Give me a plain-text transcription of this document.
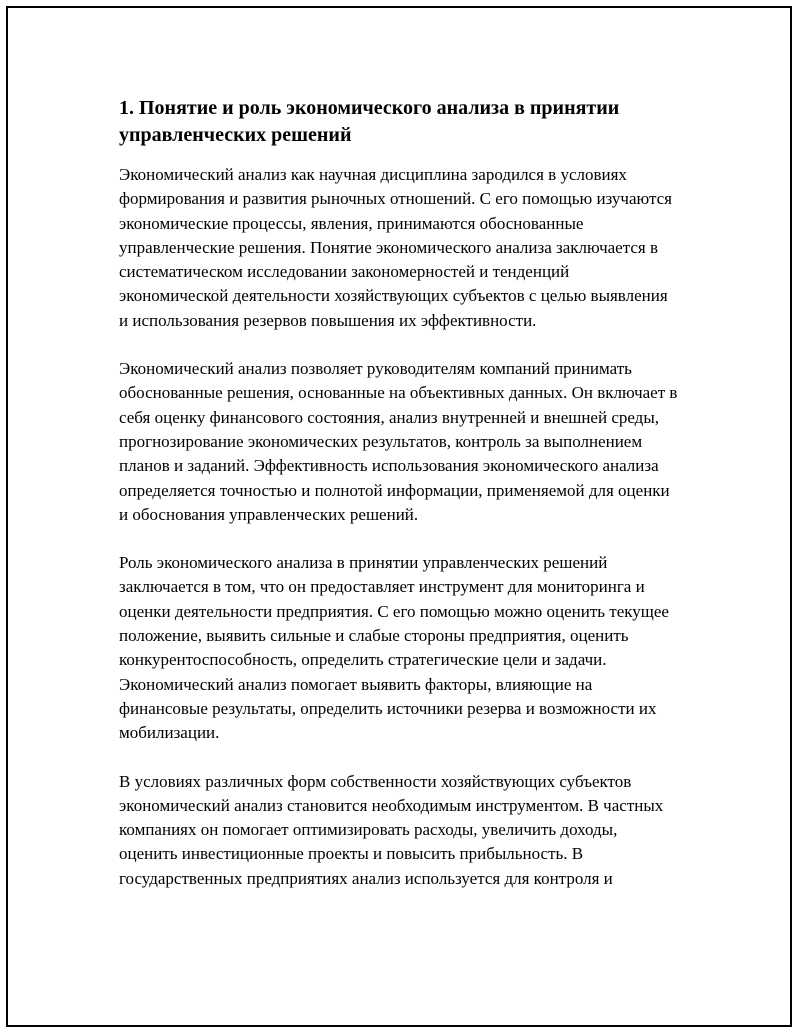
1. Понятие и роль экономического анализа в принятии управленческих решений

Экономический анализ как научная дисциплина зародился в условиях формирования и развития рыночных отношений. С его помощью изучаются экономические процессы, явления, принимаются обоснованные управленческие решения. Понятие экономического анализа заключается в систематическом исследовании закономерностей и тенденций экономической деятельности хозяйствующих субъектов с целью выявления и использования резервов повышения их эффективности.

Экономический анализ позволяет руководителям компаний принимать обоснованные решения, основанные на объективных данных. Он включает в себя оценку финансового состояния, анализ внутренней и внешней среды, прогнозирование экономических результатов, контроль за выполнением планов и заданий. Эффективность использования экономического анализа определяется точностью и полнотой информации, применяемой для оценки и обоснования управленческих решений.

Роль экономического анализа в принятии управленческих решений заключается в том, что он предоставляет инструмент для мониторинга и оценки деятельности предприятия. С его помощью можно оценить текущее положение, выявить сильные и слабые стороны предприятия, оценить конкурентоспособность, определить стратегические цели и задачи. Экономический анализ помогает выявить факторы, влияющие на финансовые результаты, определить источники резерва и возможности их мобилизации.

В условиях различных форм собственности хозяйствующих субъектов экономический анализ становится необходимым инструментом. В частных компаниях он помогает оптимизировать расходы, увеличить доходы, оценить инвестиционные проекты и повысить прибыльность. В государственных предприятиях анализ используется для контроля и
